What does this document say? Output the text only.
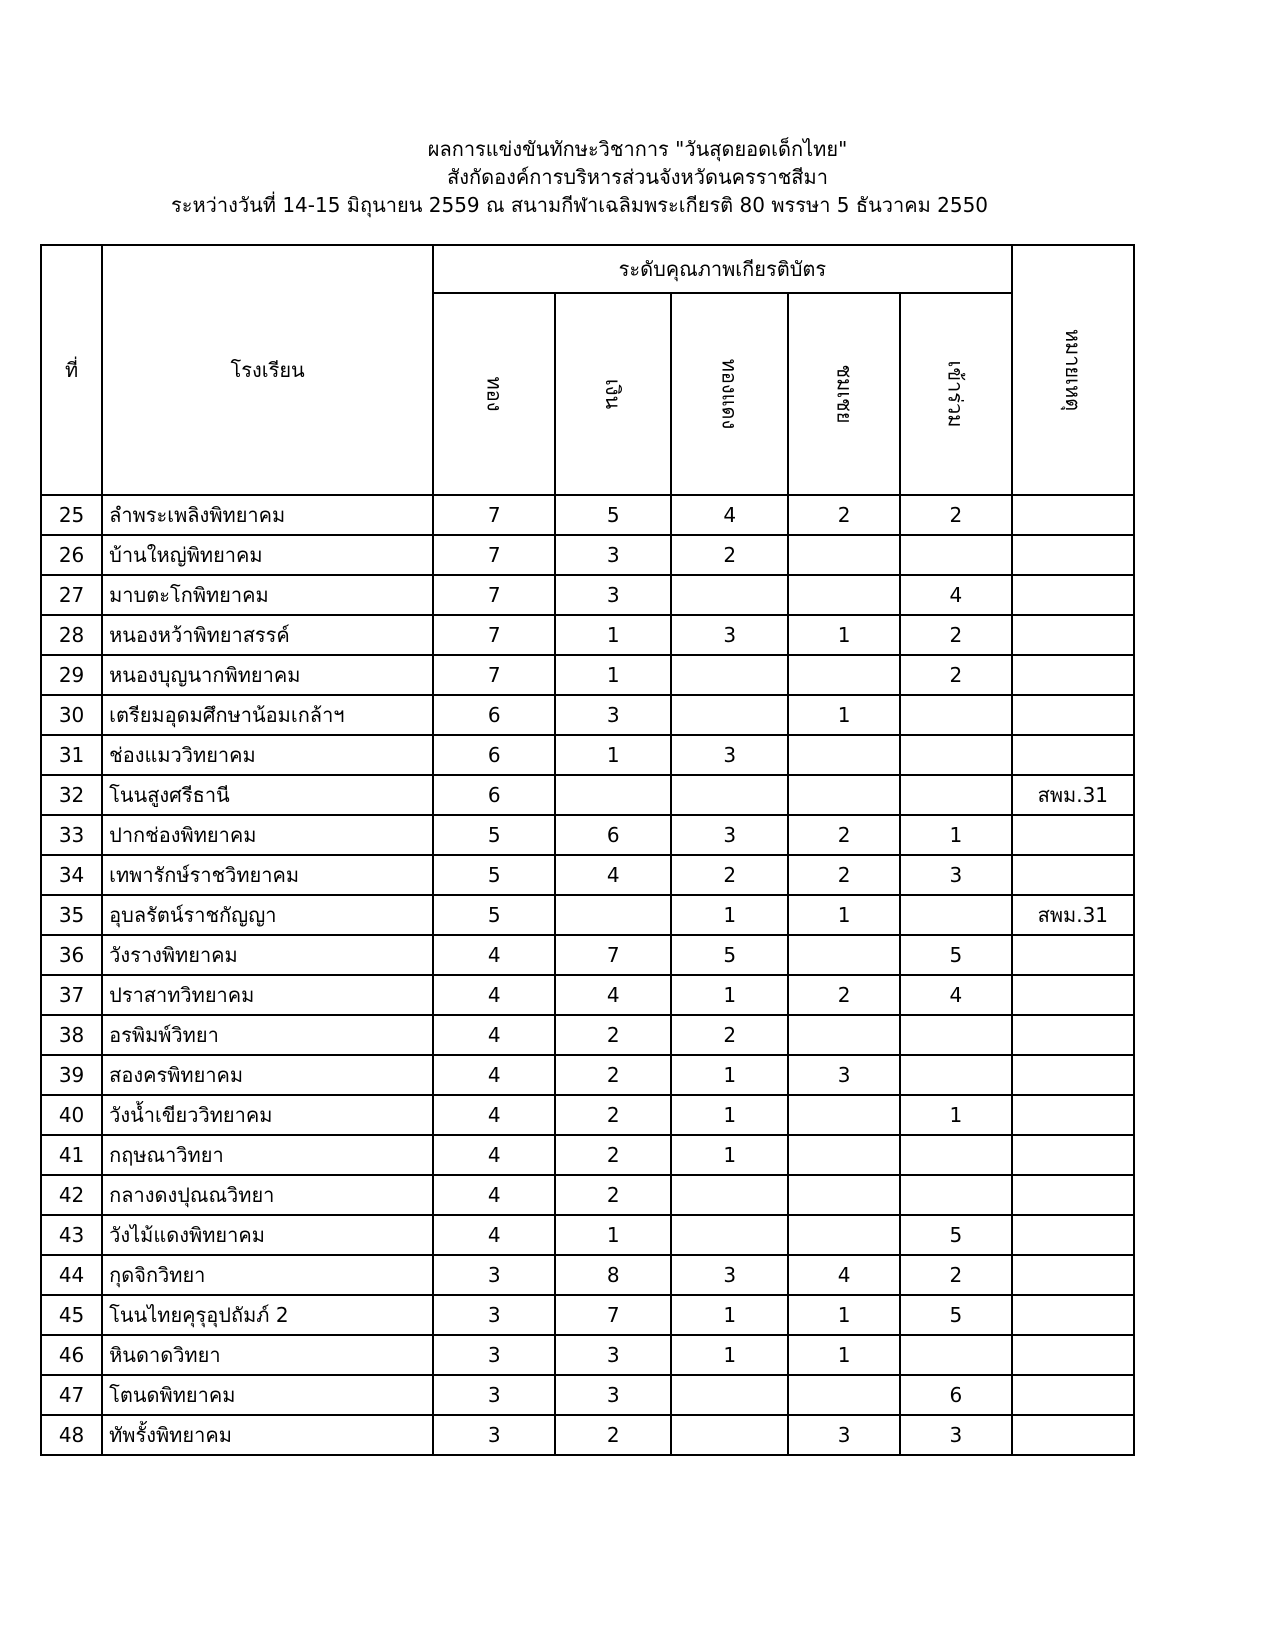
ผลการแข่งขันทักษะวิชาการ "วันสุดยอดเด็กไทย"
สังกัดองค์การบริหารส่วนจังหวัดนครราชสีมา
ระหว่างวันที่ 14-15 มิถุนายน 2559 ณ สนามกีฬาเฉลิมพระเกียรติ 80 พรรษา 5 ธันวาคม 2550
ที่	โรงเรียน	ระดับคุณภาพเกียรติบัตร					หมายเหตุ
		ทอง	เงิน	ทองแดง	ชมเชย	เข้าร่วม	
25	ลำพระเพลิงพิทยาคม	7	5	4	2	2	
26	บ้านใหญ่พิทยาคม	7	3	2			
27	มาบตะโกพิทยาคม	7	3			4	
28	หนองหว้าพิทยาสรรค์	7	1	3	1	2	
29	หนองบุญนากพิทยาคม	7	1			2	
30	เตรียมอุดมศึกษาน้อมเกล้าฯ	6	3		1		
31	ช่องแมววิทยาคม	6	1	3			
32	โนนสูงศรีธานี	6					สพม.31
33	ปากช่องพิทยาคม	5	6	3	2	1	
34	เทพารักษ์ราชวิทยาคม	5	4	2	2	3	
35	อุบลรัตน์ราชกัญญา	5		1	1		สพม.31
36	วังรางพิทยาคม	4	7	5		5	
37	ปราสาทวิทยาคม	4	4	1	2	4	
38	อรพิมพ์วิทยา	4	2	2			
39	สองครพิทยาคม	4	2	1	3		
40	วังน้ำเขียววิทยาคม	4	2	1		1	
41	กฤษณาวิทยา	4	2	1			
42	กลางดงปุณณวิทยา	4	2				
43	วังไม้แดงพิทยาคม	4	1			5	
44	กุดจิกวิทยา	3	8	3	4	2	
45	โนนไทยคุรุอุปถัมภ์ 2	3	7	1	1	5	
46	หินดาดวิทยา	3	3	1	1		
47	โตนดพิทยาคม	3	3			6	
48	ทัพรั้งพิทยาคม	3	2		3	3	
